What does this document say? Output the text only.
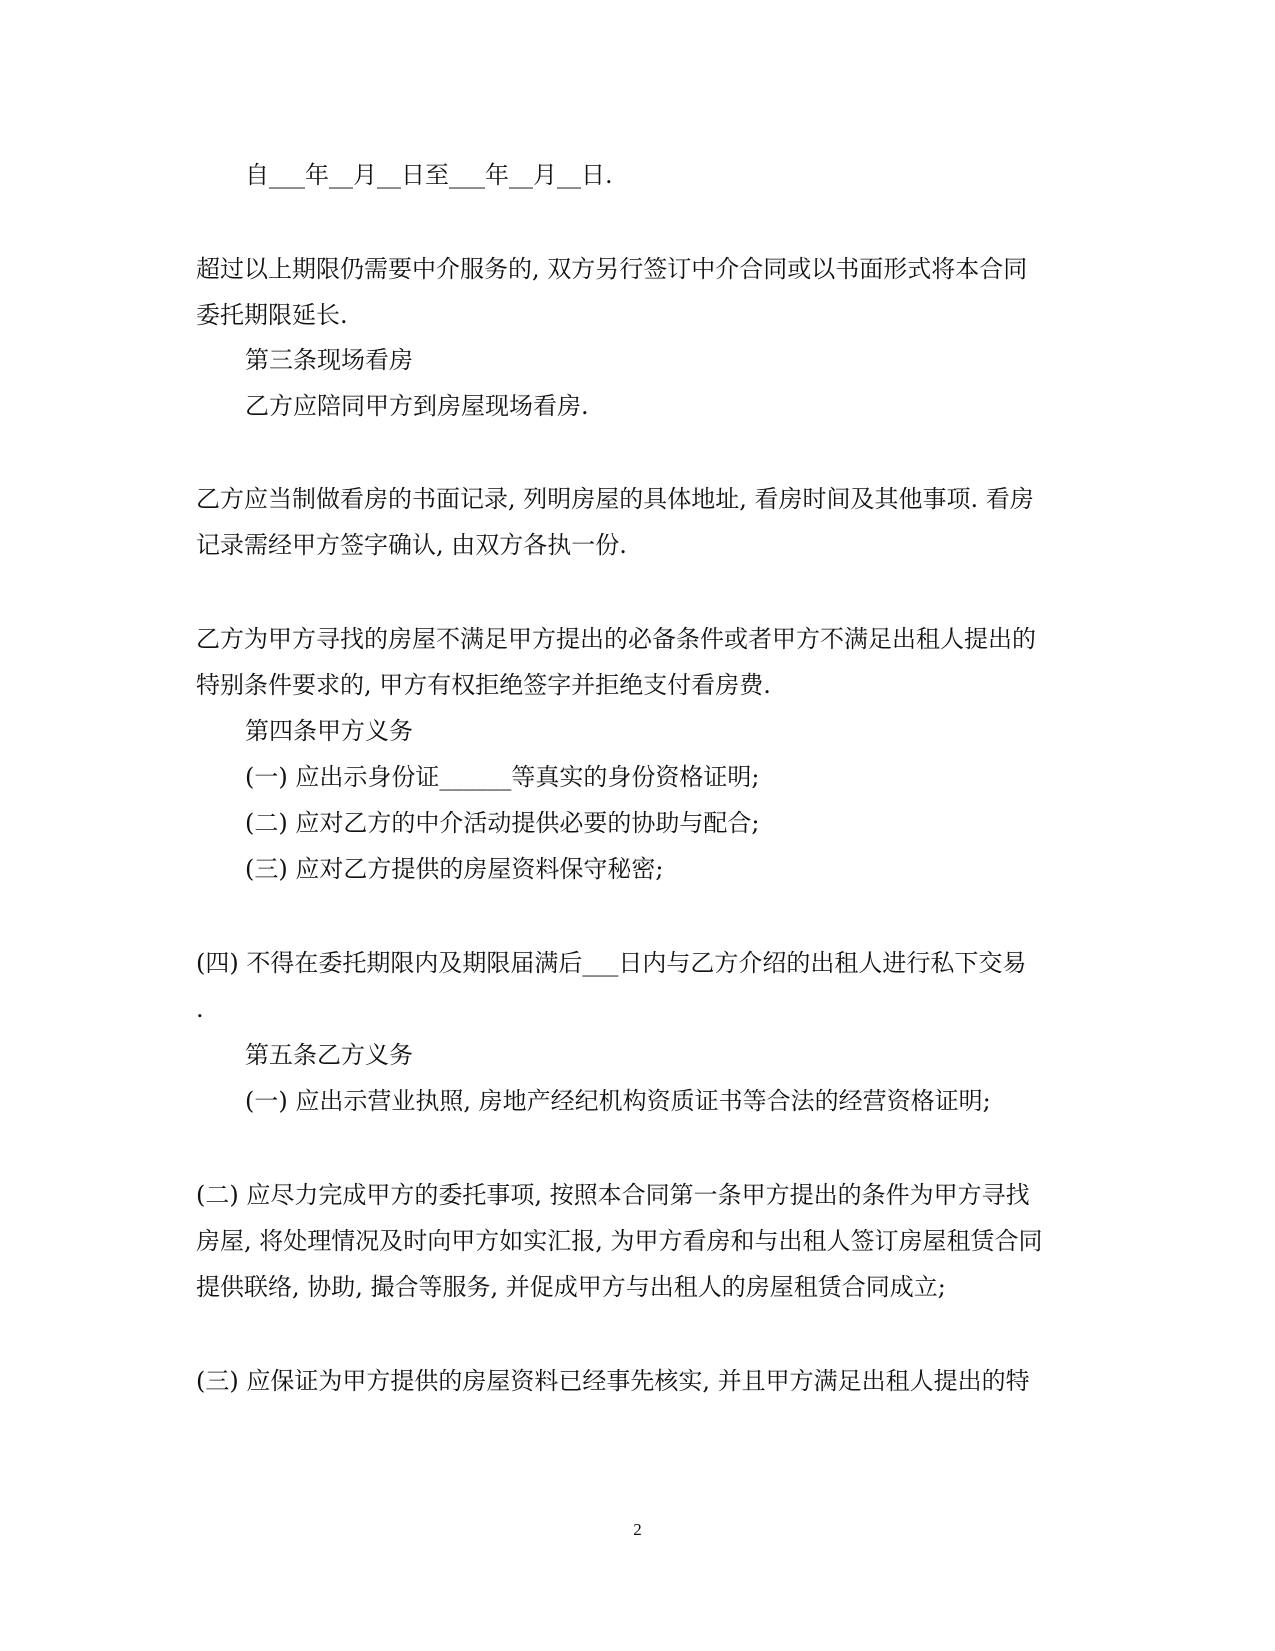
自___年__月__日至___年__月__日.
超过以上期限仍需要中介服务的, 双方另行签订中介合同或以书面形式将本合同
委托期限延长.
第三条现场看房
乙方应陪同甲方到房屋现场看房.
乙方应当制做看房的书面记录, 列明房屋的具体地址, 看房时间及其他事项. 看房
记录需经甲方签字确认, 由双方各执一份.
乙方为甲方寻找的房屋不满足甲方提出的必备条件或者甲方不满足出租人提出的
特别条件要求的, 甲方有权拒绝签字并拒绝支付看房费.
第四条甲方义务
(一) 应出示身份证______等真实的身份资格证明;
(二) 应对乙方的中介活动提供必要的协助与配合;
(三) 应对乙方提供的房屋资料保守秘密;
(四) 不得在委托期限内及期限届满后___日内与乙方介绍的出租人进行私下交易
.
第五条乙方义务
(一) 应出示营业执照, 房地产经纪机构资质证书等合法的经营资格证明;
(二) 应尽力完成甲方的委托事项, 按照本合同第一条甲方提出的条件为甲方寻找
房屋, 将处理情况及时向甲方如实汇报, 为甲方看房和与出租人签订房屋租赁合同
提供联络, 协助, 撮合等服务, 并促成甲方与出租人的房屋租赁合同成立;
(三) 应保证为甲方提供的房屋资料已经事先核实, 并且甲方满足出租人提出的特
2
